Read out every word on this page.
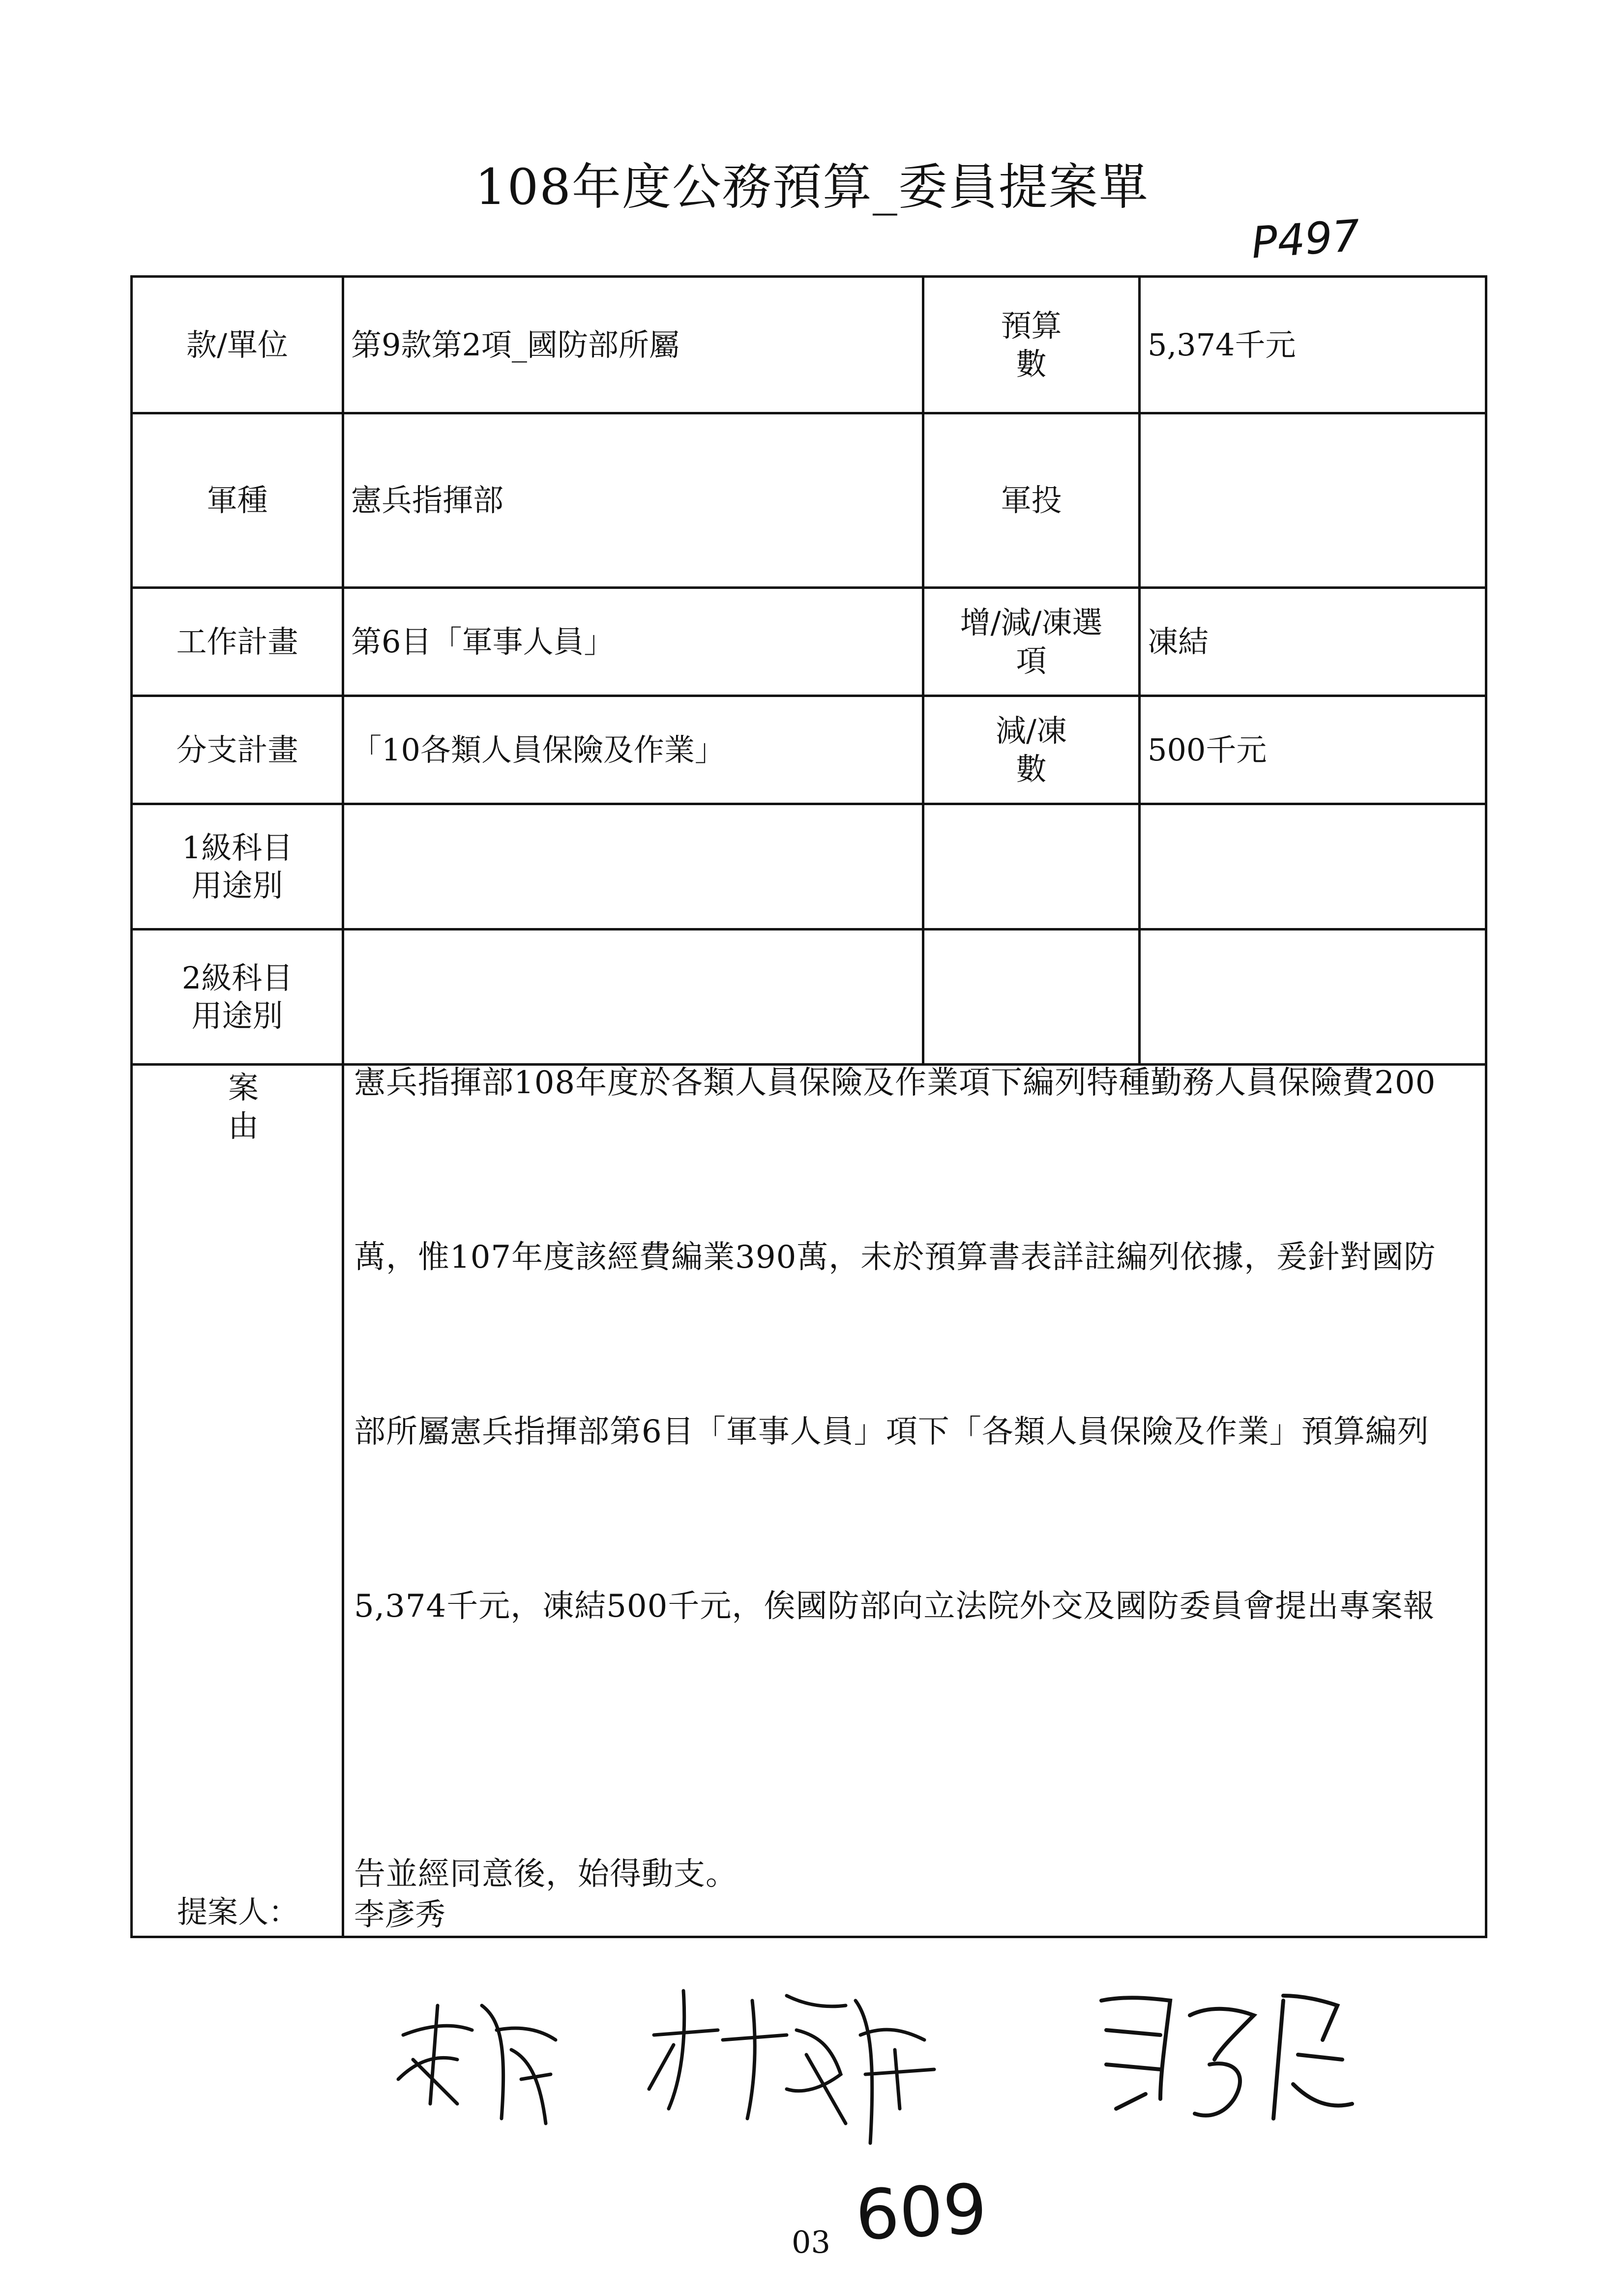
108年度公務預算_委員提案單
P497
款/單位	第9款第2項_國防部所屬	預算數	5,374千元
軍種	憲兵指揮部	軍投	
工作計畫	第6目「軍事人員」	增/減/凍選項	凍結
分支計畫	「10各類人員保險及作業」	減/凍數	500千元
1級科目用途別			
2級科目用途別			
案由	憲兵指揮部108年度於各類人員保險及作業項下編列特種勤務人員保險費200
萬，惟107年度該經費編業390萬，未於預算書表詳註編列依據，爰針對國防
部所屬憲兵指揮部第6目「軍事人員」項下「各類人員保險及作業」預算編列
5,374千元，凍結500千元，俟國防部向立法院外交及國防委員會提出專案報
告並經同意後，始得動支。		
提案人： 李彥秀
03 609
